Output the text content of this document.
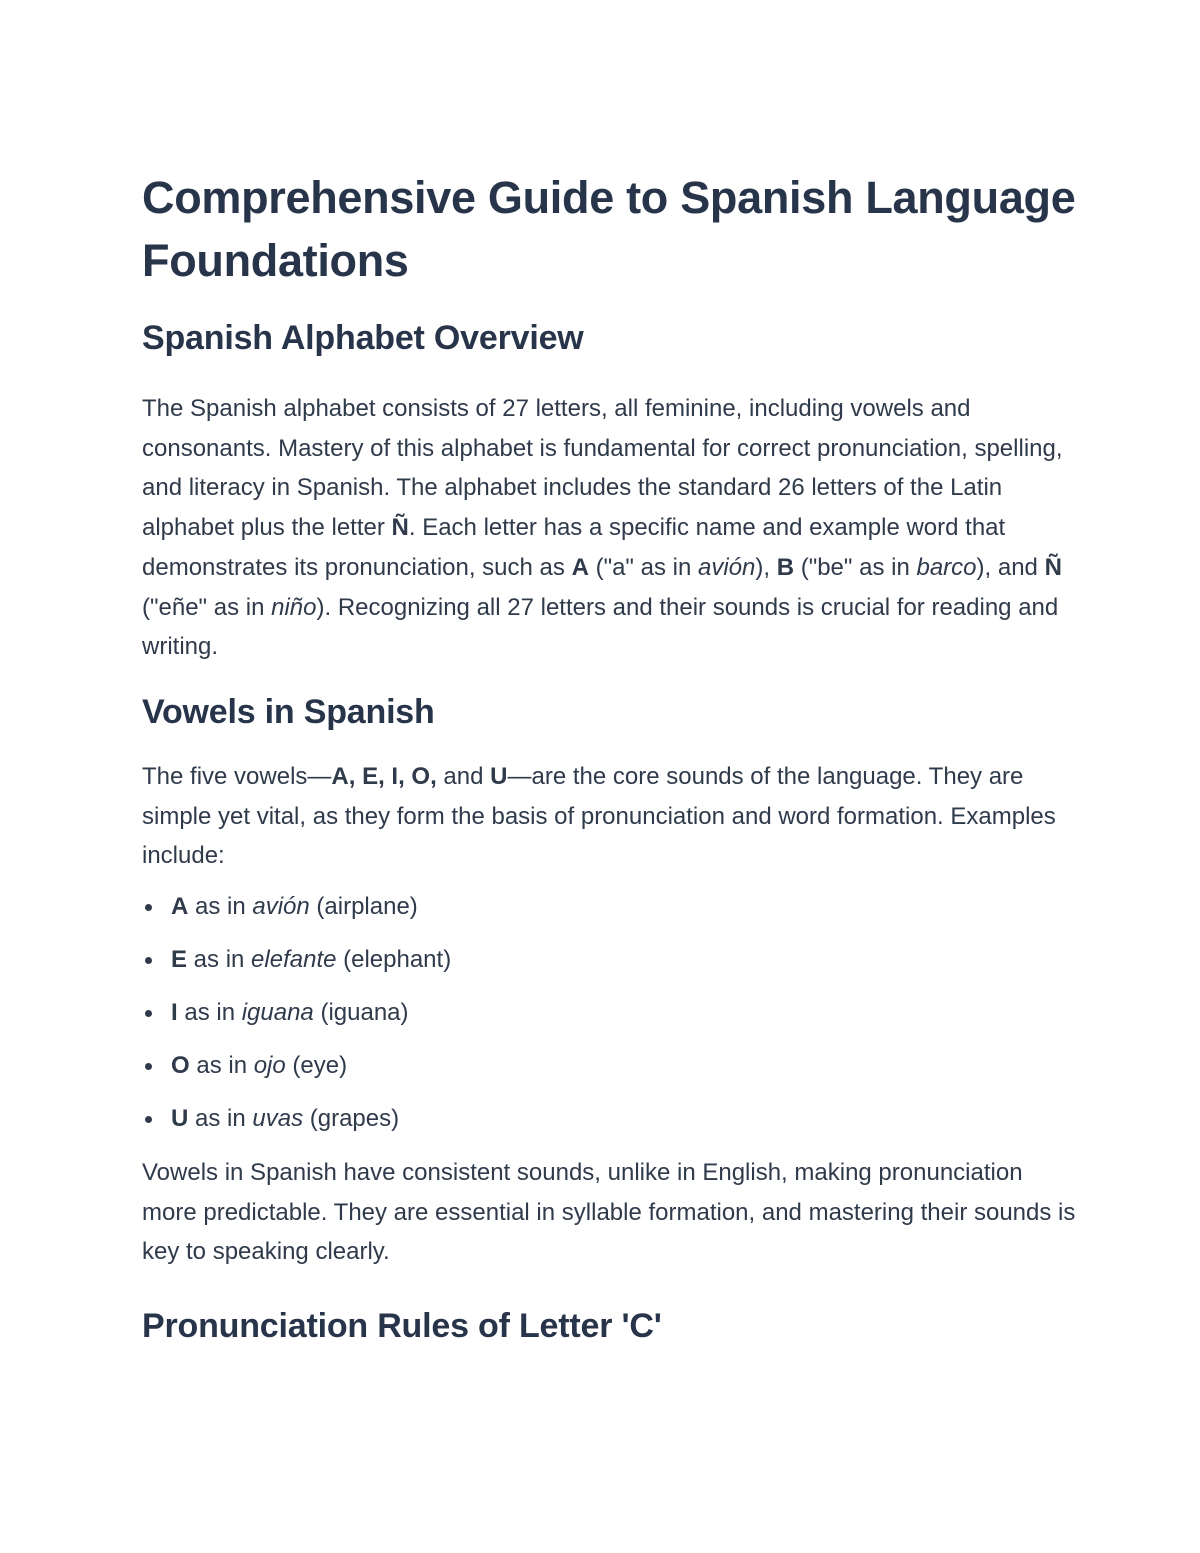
Comprehensive Guide to Spanish Language Foundations
Spanish Alphabet Overview

The Spanish alphabet consists of 27 letters, all feminine, including vowels and consonants. Mastery of this alphabet is fundamental for correct pronunciation, spelling, and literacy in Spanish. The alphabet includes the standard 26 letters of the Latin alphabet plus the letter Ñ. Each letter has a specific name and example word that demonstrates its pronunciation, such as A ("a" as in avión), B ("be" as in barco), and Ñ ("eñe" as in niño). Recognizing all 27 letters and their sounds is crucial for reading and writing.

Vowels in Spanish

The five vowels—A, E, I, O, and U—are the core sounds of the language. They are simple yet vital, as they form the basis of pronunciation and word formation. Examples include:

A as in avión (airplane)
E as in elefante (elephant)
I as in iguana (iguana)
O as in ojo (eye)
U as in uvas (grapes)

Vowels in Spanish have consistent sounds, unlike in English, making pronunciation more predictable. They are essential in syllable formation, and mastering their sounds is key to speaking clearly.

Pronunciation Rules of Letter 'C'
